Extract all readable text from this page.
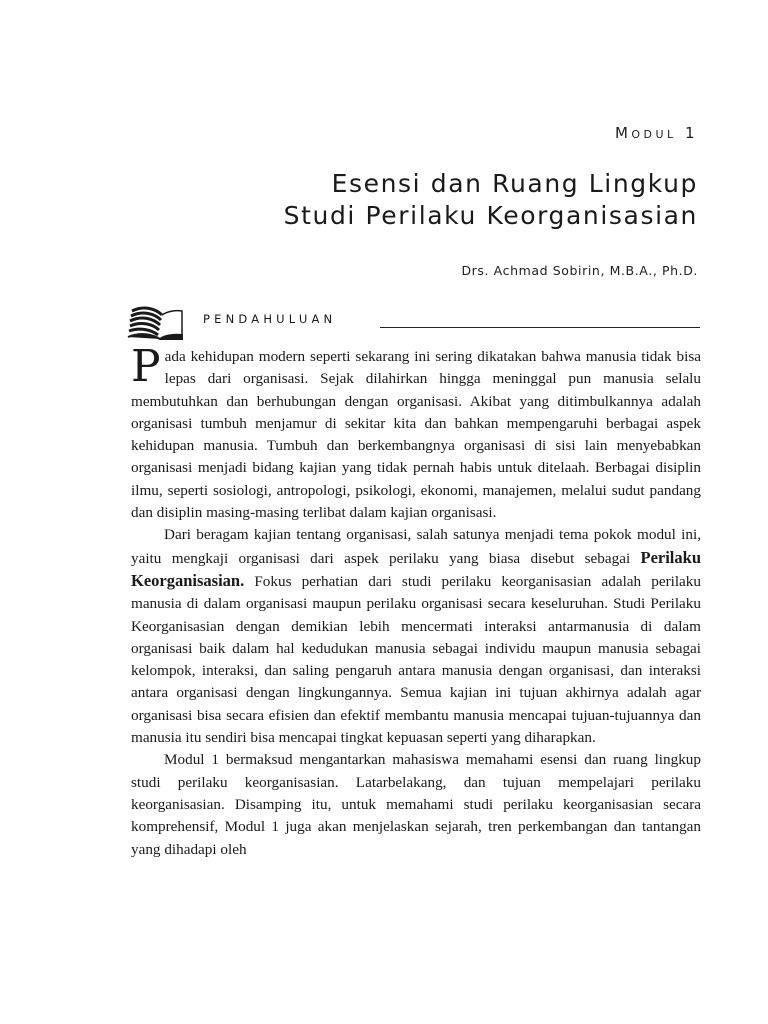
Modul 1
Esensi dan Ruang Lingkup
Studi Perilaku Keorganisasian
Drs. Achmad Sobirin, M.B.A., Ph.D.
PENDAHULUAN

Pada kehidupan modern seperti sekarang ini sering dikatakan bahwa manusia tidak bisa lepas dari organisasi. Sejak dilahirkan hingga meninggal pun manusia selalu membutuhkan dan berhubungan dengan organisasi. Akibat yang ditimbulkannya adalah organisasi tumbuh menjamur di sekitar kita dan bahkan mempengaruhi berbagai aspek kehidupan manusia. Tumbuh dan berkembangnya organisasi di sisi lain menyebabkan organisasi menjadi bidang kajian yang tidak pernah habis untuk ditelaah. Berbagai disiplin ilmu, seperti sosiologi, antropologi, psikologi, ekonomi, manajemen, melalui sudut pandang dan disiplin masing-masing terlibat dalam kajian organisasi.

Dari beragam kajian tentang organisasi, salah satunya menjadi tema pokok modul ini, yaitu mengkaji organisasi dari aspek perilaku yang biasa disebut sebagai Perilaku Keorganisasian. Fokus perhatian dari studi perilaku keorganisasian adalah perilaku manusia di dalam organisasi maupun perilaku organisasi secara keseluruhan. Studi Perilaku Keorganisasian dengan demikian lebih mencermati interaksi antarmanusia di dalam organisasi baik dalam hal kedudukan manusia sebagai individu maupun manusia sebagai kelompok, interaksi, dan saling pengaruh antara manusia dengan organisasi, dan interaksi antara organisasi dengan lingkungannya. Semua kajian ini tujuan akhirnya adalah agar organisasi bisa secara efisien dan efektif membantu manusia mencapai tujuan-tujuannya dan manusia itu sendiri bisa mencapai tingkat kepuasan seperti yang diharapkan.

Modul 1 bermaksud mengantarkan mahasiswa memahami esensi dan ruang lingkup studi perilaku keorganisasian. Latarbelakang, dan tujuan mempelajari perilaku keorganisasian. Disamping itu, untuk memahami studi perilaku keorganisasian secara komprehensif, Modul 1 juga akan menjelaskan sejarah, tren perkembangan dan tantangan yang dihadapi oleh
